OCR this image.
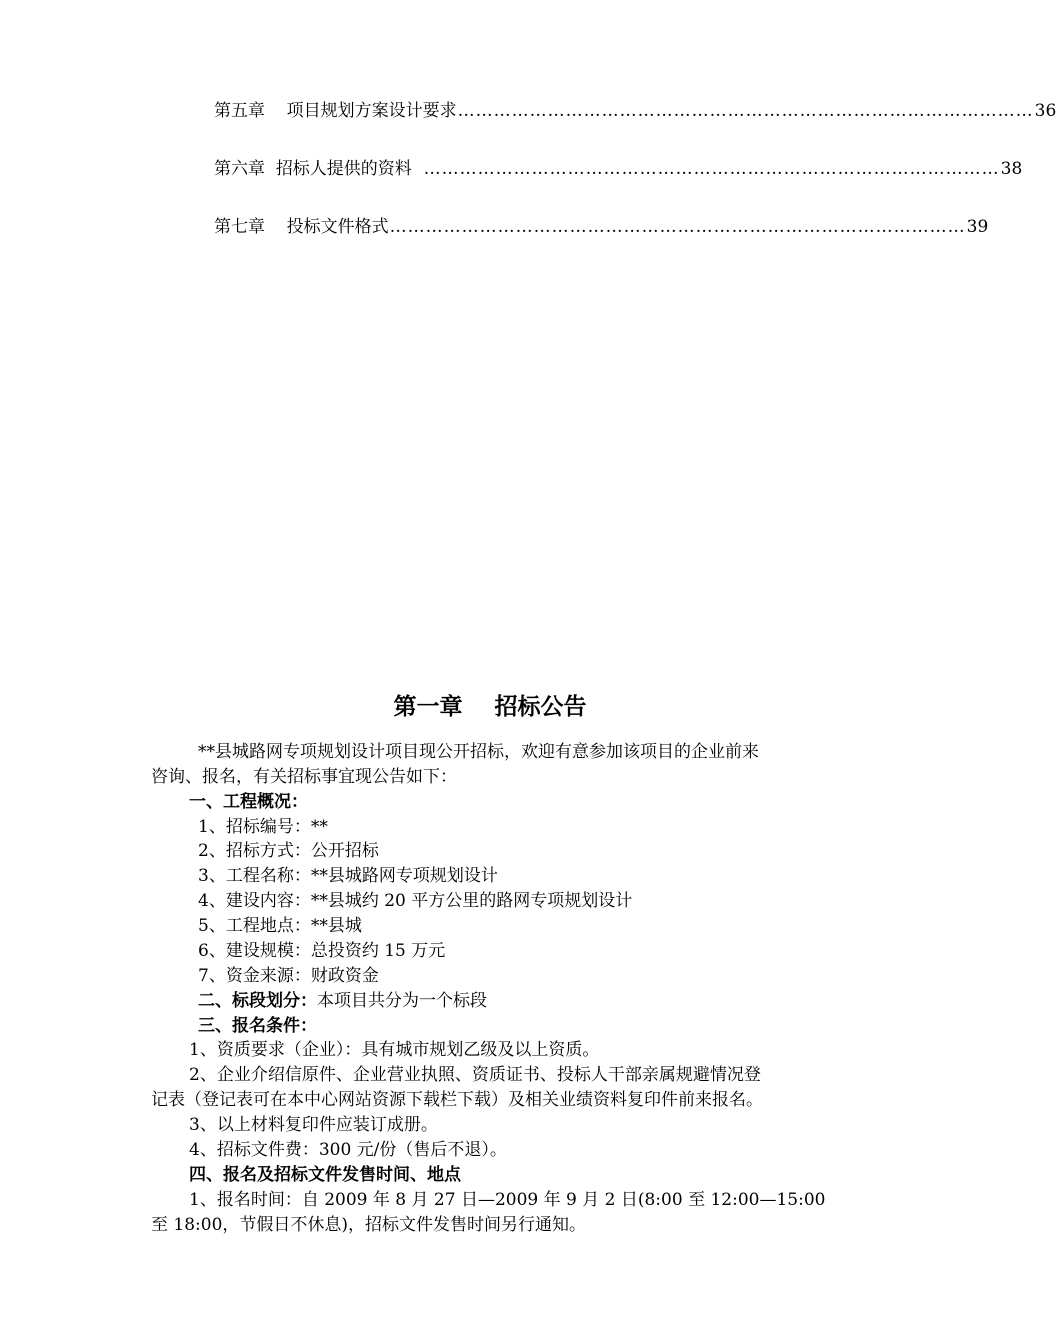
第五章
项目规划方案设计要求 …………………………………………………………………………………… 36
第六章
招标人提供的资料 …………………………………………………………………………………… 38
第七章
投标文件格式 …………………………………………………………………………………… 39
第一章 招标公告
**县城路网专项规划设计项目现公开招标，欢迎有意参加该项目的企业前来
咨询、报名，有关招标事宜现公告如下：
一、工程概况：
1、招标编号：**
2、招标方式：公开招标
3、工程名称：**县城路网专项规划设计
4、建设内容：**县城约 20 平方公里的路网专项规划设计
5、工程地点：**县城
6、建设规模：总投资约 15 万元
7、资金来源：财政资金
二、标段划分：本项目共分为一个标段
三、报名条件：
1、资质要求（企业）：具有城市规划乙级及以上资质。
2、企业介绍信原件、企业营业执照、资质证书、投标人干部亲属规避情况登
记表（登记表可在本中心网站资源下载栏下载）及相关业绩资料复印件前来报名。
3、以上材料复印件应装订成册。
4、招标文件费：300 元/份（售后不退）。
四、报名及招标文件发售时间、地点
1、报名时间：自 2009 年 8 月 27 日—2009 年 9 月 2 日(8:00 至 12:00—15:00
至 18:00，节假日不休息)，招标文件发售时间另行通知。
